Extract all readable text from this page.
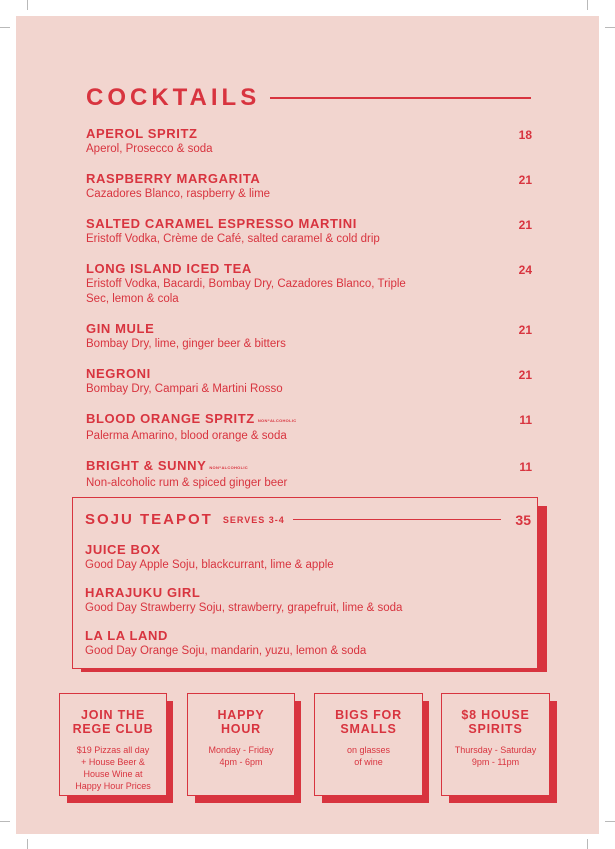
COCKTAILS
APEROL SPRITZ
Aperol, Prosecco & soda
18
RASPBERRY MARGARITA
Cazadores Blanco, raspberry & lime
21
SALTED CARAMEL ESPRESSO MARTINI
Eristoff Vodka, Crème de Café, salted caramel & cold drip
21
LONG ISLAND ICED TEA
Eristoff Vodka, Bacardi, Bombay Dry, Cazadores Blanco, Triple Sec, lemon & cola
24
GIN MULE
Bombay Dry, lime, ginger beer & bitters
21
NEGRONI
Bombay Dry, Campari & Martini Rosso
21
BLOOD ORANGE SPRITZ non-alcoholic
Palerma Amarino, blood orange & soda
11
BRIGHT & SUNNY non-alcoholic
Non-alcoholic rum & spiced ginger beer
11
SOJU TEAPOT SERVES 3-4	35
JUICE BOX
Good Day Apple Soju, blackcurrant, lime & apple
HARAJUKU GIRL
Good Day Strawberry Soju, strawberry, grapefruit, lime & soda
LA LA LAND
Good Day Orange Soju, mandarin, yuzu, lemon & soda
JOIN THE
REGE CLUB
$19 Pizzas all day
+ House Beer &
House Wine at
Happy Hour Prices
HAPPY
HOUR
Monday - Friday
4pm - 6pm
BIGS FOR
SMALLS
on glasses
of wine
$8 HOUSE
SPIRITS
Thursday - Saturday
9pm - 11pm
